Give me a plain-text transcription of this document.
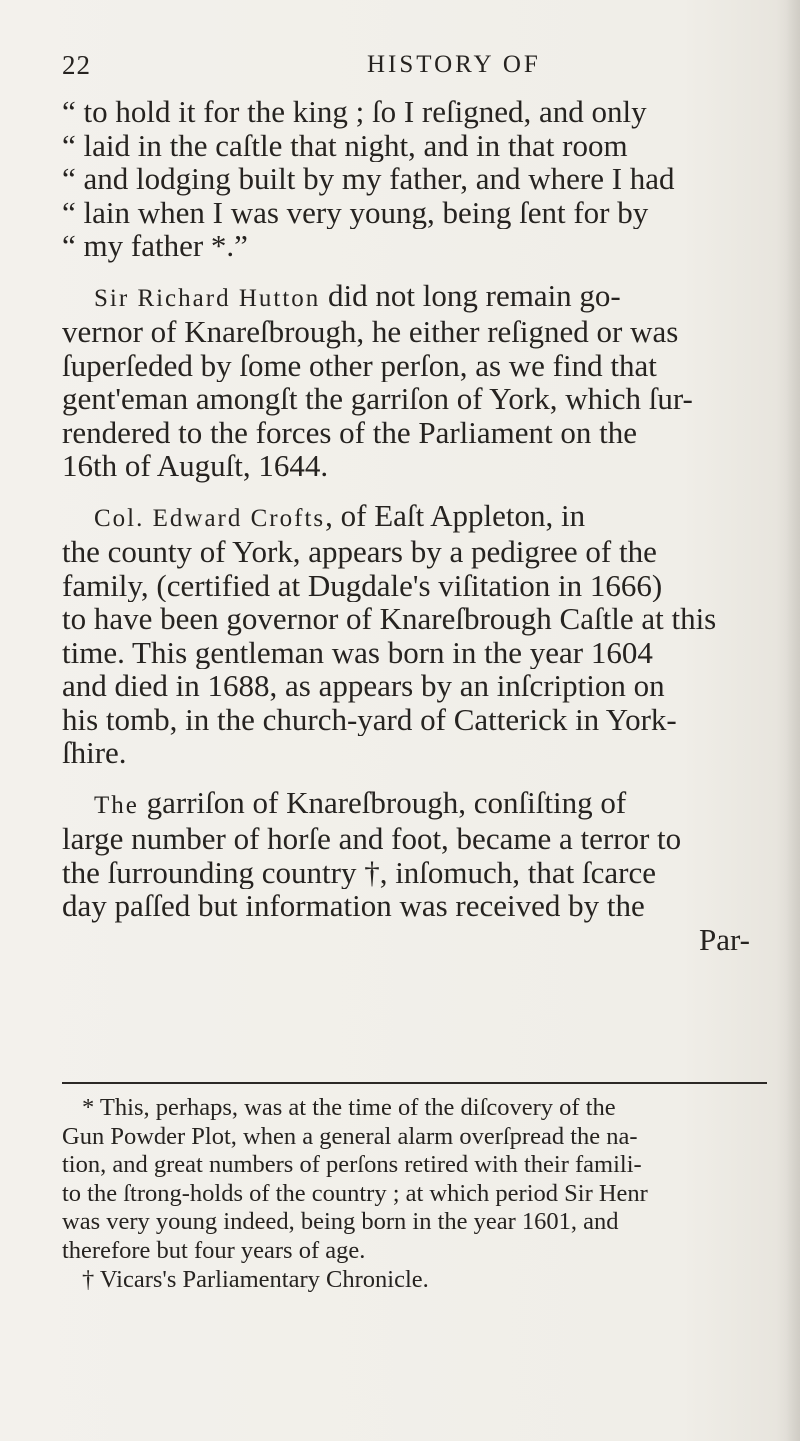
22	HISTORY OF
“ to hold it for the king ; ſo I reſigned, and only
“ laid in the caſtle that night, and in that room
“ and lodging built by my father, and where I had
“ lain when I was very young, being ſent for by
“ my father *.”
Sir Richard Hutton did not long remain go-
vernor of Knareſbrough, he either reſigned or was
ſuperſeded by ſome other perſon, as we find that
gent'eman amongſt the garriſon of York, which ſur-
rendered to the forces of the Parliament on the
16th of Auguſt, 1644.
Col. Edward Crofts, of Eaſt Appleton, in
the county of York, appears by a pedigree of the
family, (certified at Dugdale's viſitation in 1666)
to have been governor of Knareſbrough Caſtle at this
time. This gentleman was born in the year 1604
and died in 1688, as appears by an inſcription on
his tomb, in the church-yard of Catterick in York-
ſhire.
The garriſon of Knareſbrough, conſiſting of
large number of horſe and foot, became a terror to
the ſurrounding country †, inſomuch, that ſcarce
day paſſed but information was received by the
Par-
* This, perhaps, was at the time of the diſcovery of the
Gun Powder Plot, when a general alarm overſpread the na-
tion, and great numbers of perſons retired with their famili-
to the ſtrong-holds of the country ; at which period Sir Henr
was very young indeed, being born in the year 1601, and
therefore but four years of age.
† Vicars's Parliamentary Chronicle.
